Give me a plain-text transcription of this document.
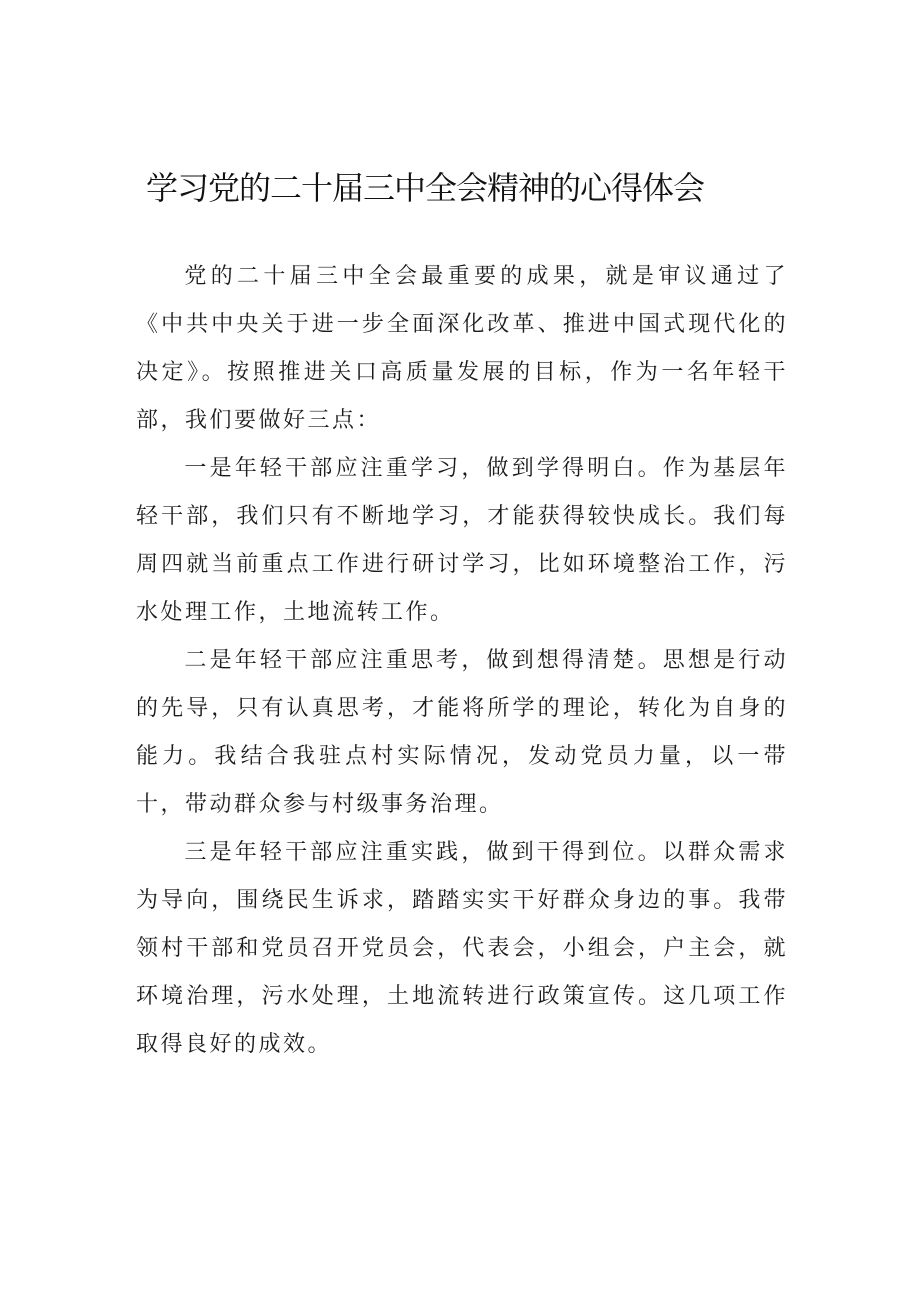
学习党的二十届三中全会精神的心得体会

党的二十届三中全会最重要的成果，就是审议通过了《中共中央关于进一步全面深化改革、推进中国式现代化的决定》。按照推进关口高质量发展的目标，作为一名年轻干部，我们要做好三点：

一是年轻干部应注重学习，做到学得明白。作为基层年轻干部，我们只有不断地学习，才能获得较快成长。我们每周四就当前重点工作进行研讨学习，比如环境整治工作，污水处理工作，土地流转工作。

二是年轻干部应注重思考，做到想得清楚。思想是行动的先导，只有认真思考，才能将所学的理论，转化为自身的能力。我结合我驻点村实际情况，发动党员力量，以一带十，带动群众参与村级事务治理。

三是年轻干部应注重实践，做到干得到位。以群众需求为导向，围绕民生诉求，踏踏实实干好群众身边的事。我带领村干部和党员召开党员会，代表会，小组会，户主会，就环境治理，污水处理，土地流转进行政策宣传。这几项工作取得良好的成效。
